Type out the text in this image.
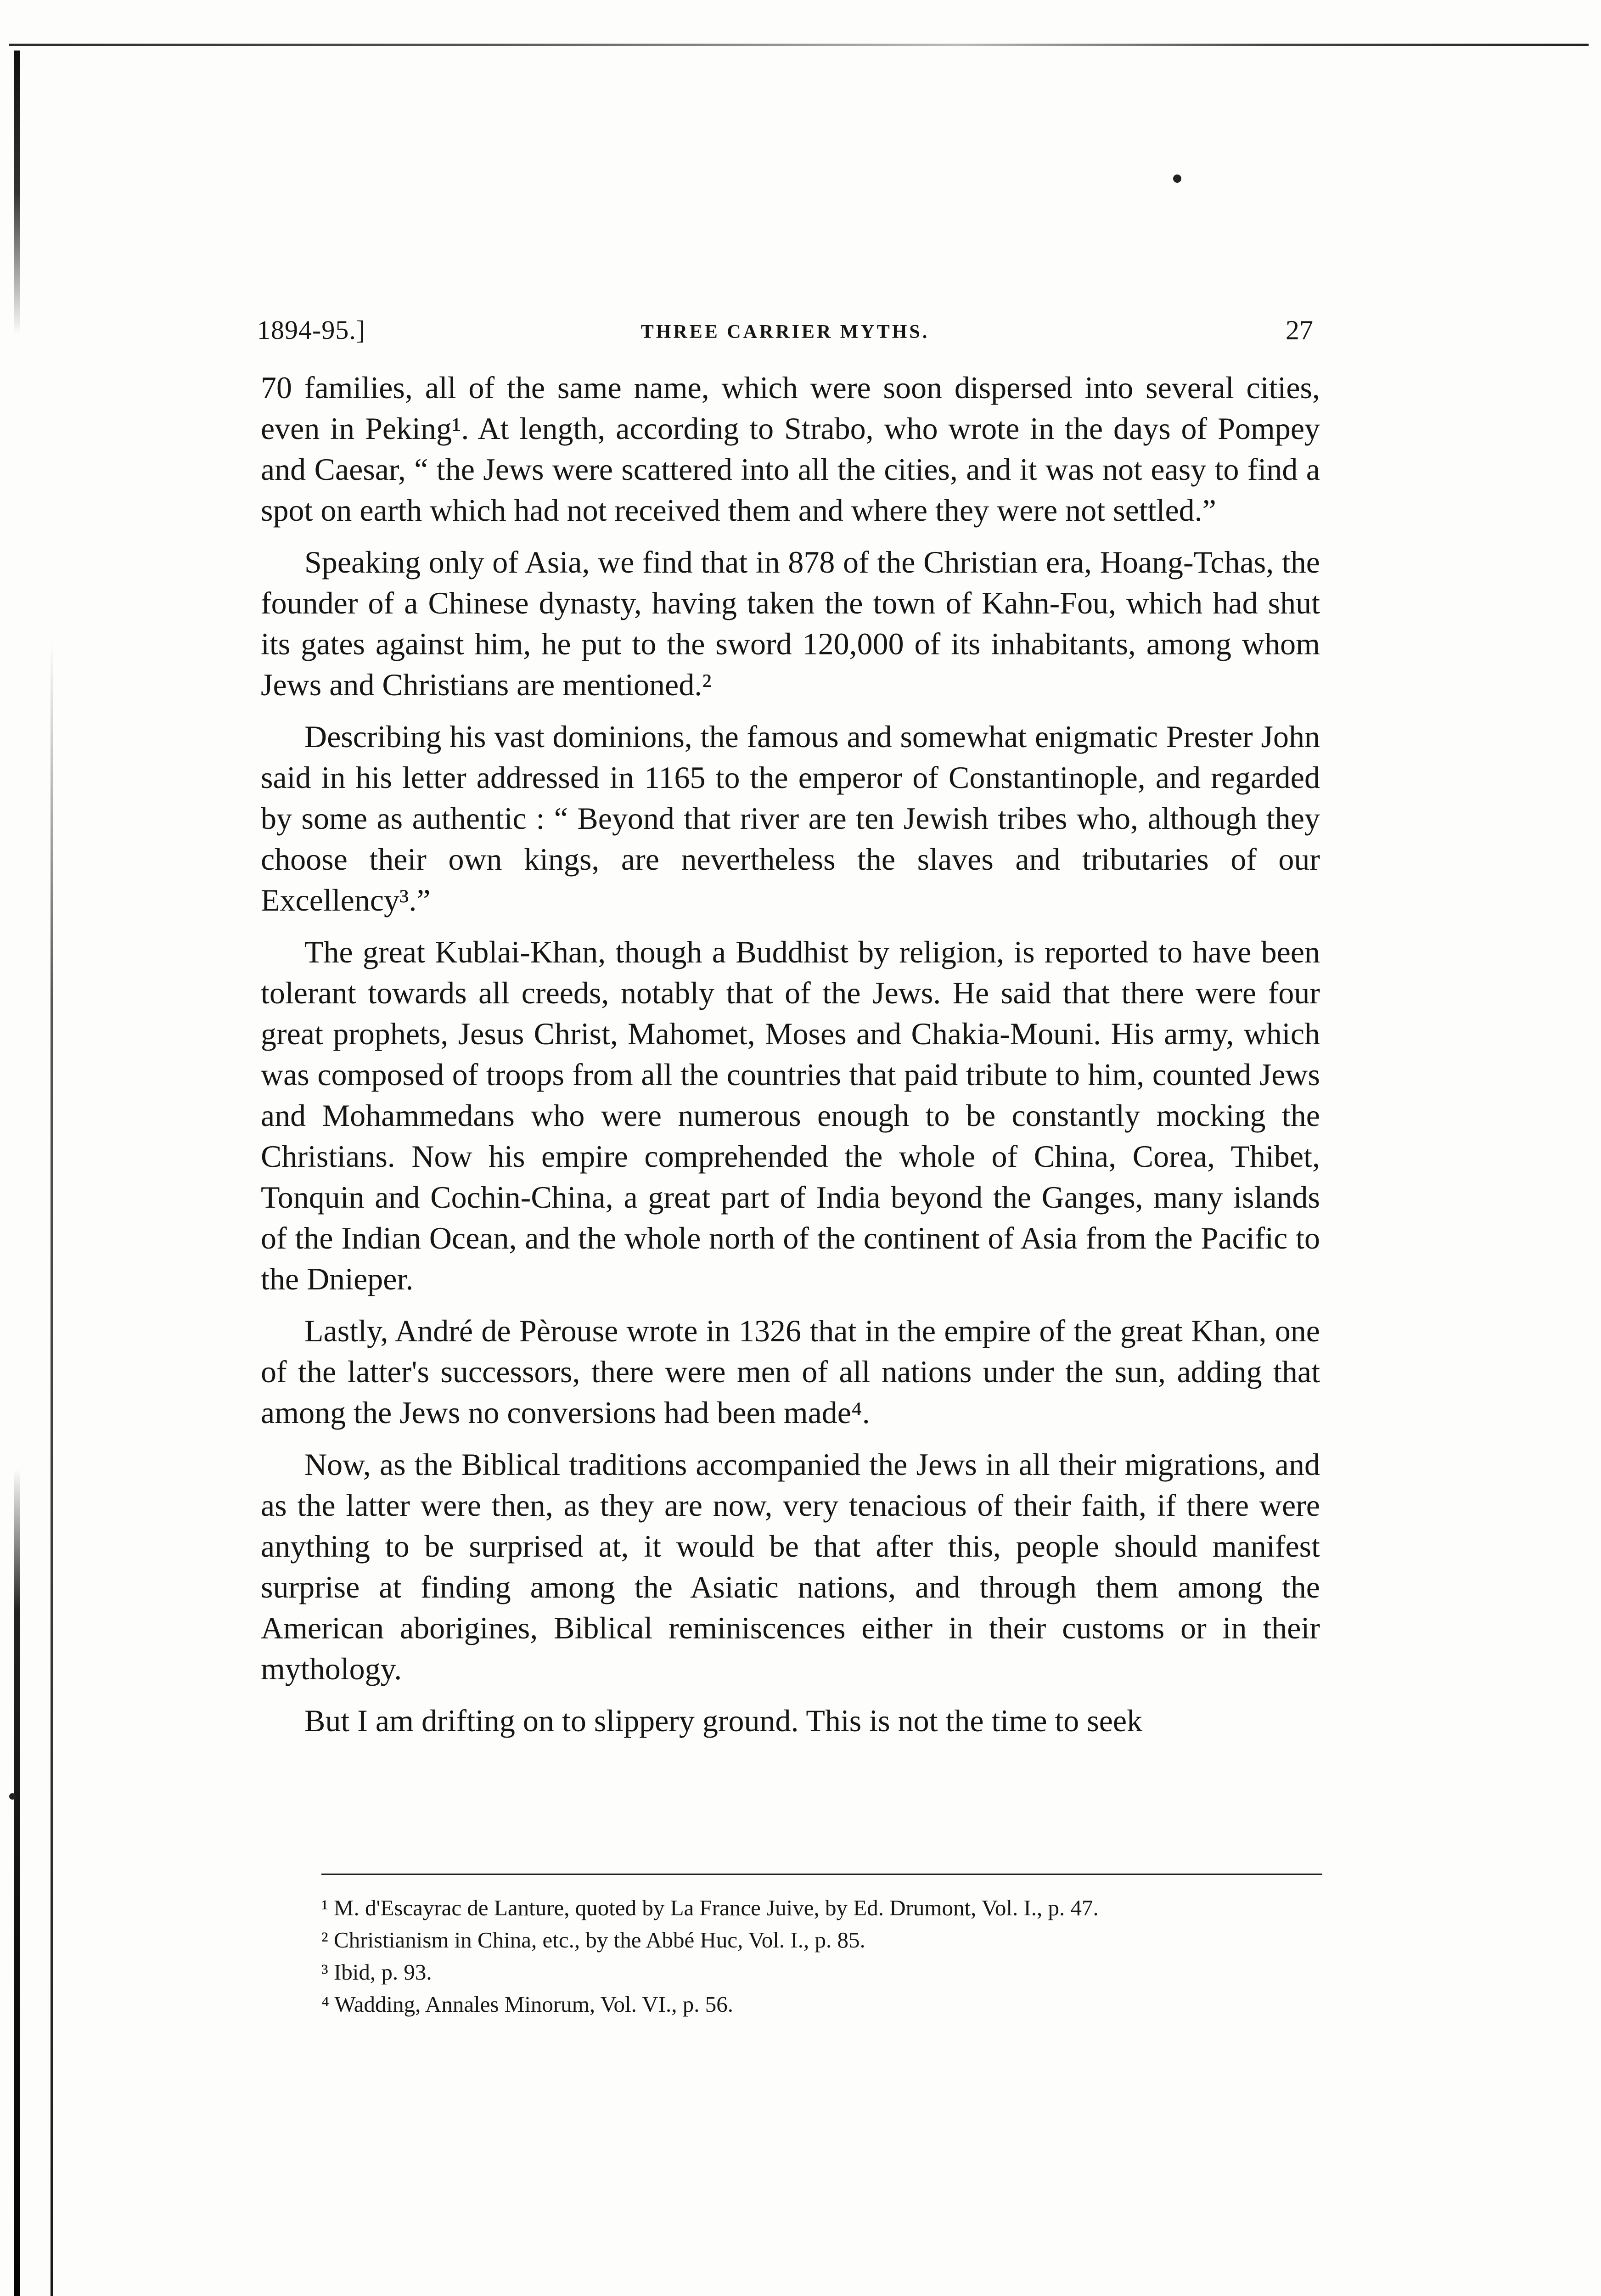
1894-95.]	THREE CARRIER MYTHS.	27

70 families, all of the same name, which were soon dispersed into several cities, even in Peking¹. At length, according to Strabo, who wrote in the days of Pompey and Caesar, “ the Jews were scattered into all the cities, and it was not easy to find a spot on earth which had not received them and where they were not settled.”

Speaking only of Asia, we find that in 878 of the Christian era, Hoang-Tchas, the founder of a Chinese dynasty, having taken the town of Kahn-Fou, which had shut its gates against him, he put to the sword 120,000 of its inhabitants, among whom Jews and Christians are mentioned.²

Describing his vast dominions, the famous and somewhat enigmatic Prester John said in his letter addressed in 1165 to the emperor of Constantinople, and regarded by some as authentic : “ Beyond that river are ten Jewish tribes who, although they choose their own kings, are nevertheless the slaves and tributaries of our Excellency³.”

The great Kublai-Khan, though a Buddhist by religion, is reported to have been tolerant towards all creeds, notably that of the Jews. He said that there were four great prophets, Jesus Christ, Mahomet, Moses and Chakia-Mouni. His army, which was composed of troops from all the countries that paid tribute to him, counted Jews and Mohammedans who were numerous enough to be constantly mocking the Christians. Now his empire comprehended the whole of China, Corea, Thibet, Tonquin and Cochin-China, a great part of India beyond the Ganges, many islands of the Indian Ocean, and the whole north of the continent of Asia from the Pacific to the Dnieper.

Lastly, André de Pèrouse wrote in 1326 that in the empire of the great Khan, one of the latter's successors, there were men of all nations under the sun, adding that among the Jews no conversions had been made⁴.

Now, as the Biblical traditions accompanied the Jews in all their migrations, and as the latter were then, as they are now, very tenacious of their faith, if there were anything to be surprised at, it would be that after this, people should manifest surprise at finding among the Asiatic nations, and through them among the American aborigines, Biblical reminiscences either in their customs or in their mythology.

But I am drifting on to slippery ground. This is not the time to seek

¹ M. d'Escayrac de Lanture, quoted by La France Juive, by Ed. Drumont, Vol. I., p. 47.

² Christianism in China, etc., by the Abbé Huc, Vol. I., p. 85.

³ Ibid, p. 93.

⁴ Wadding, Annales Minorum, Vol. VI., p. 56.
